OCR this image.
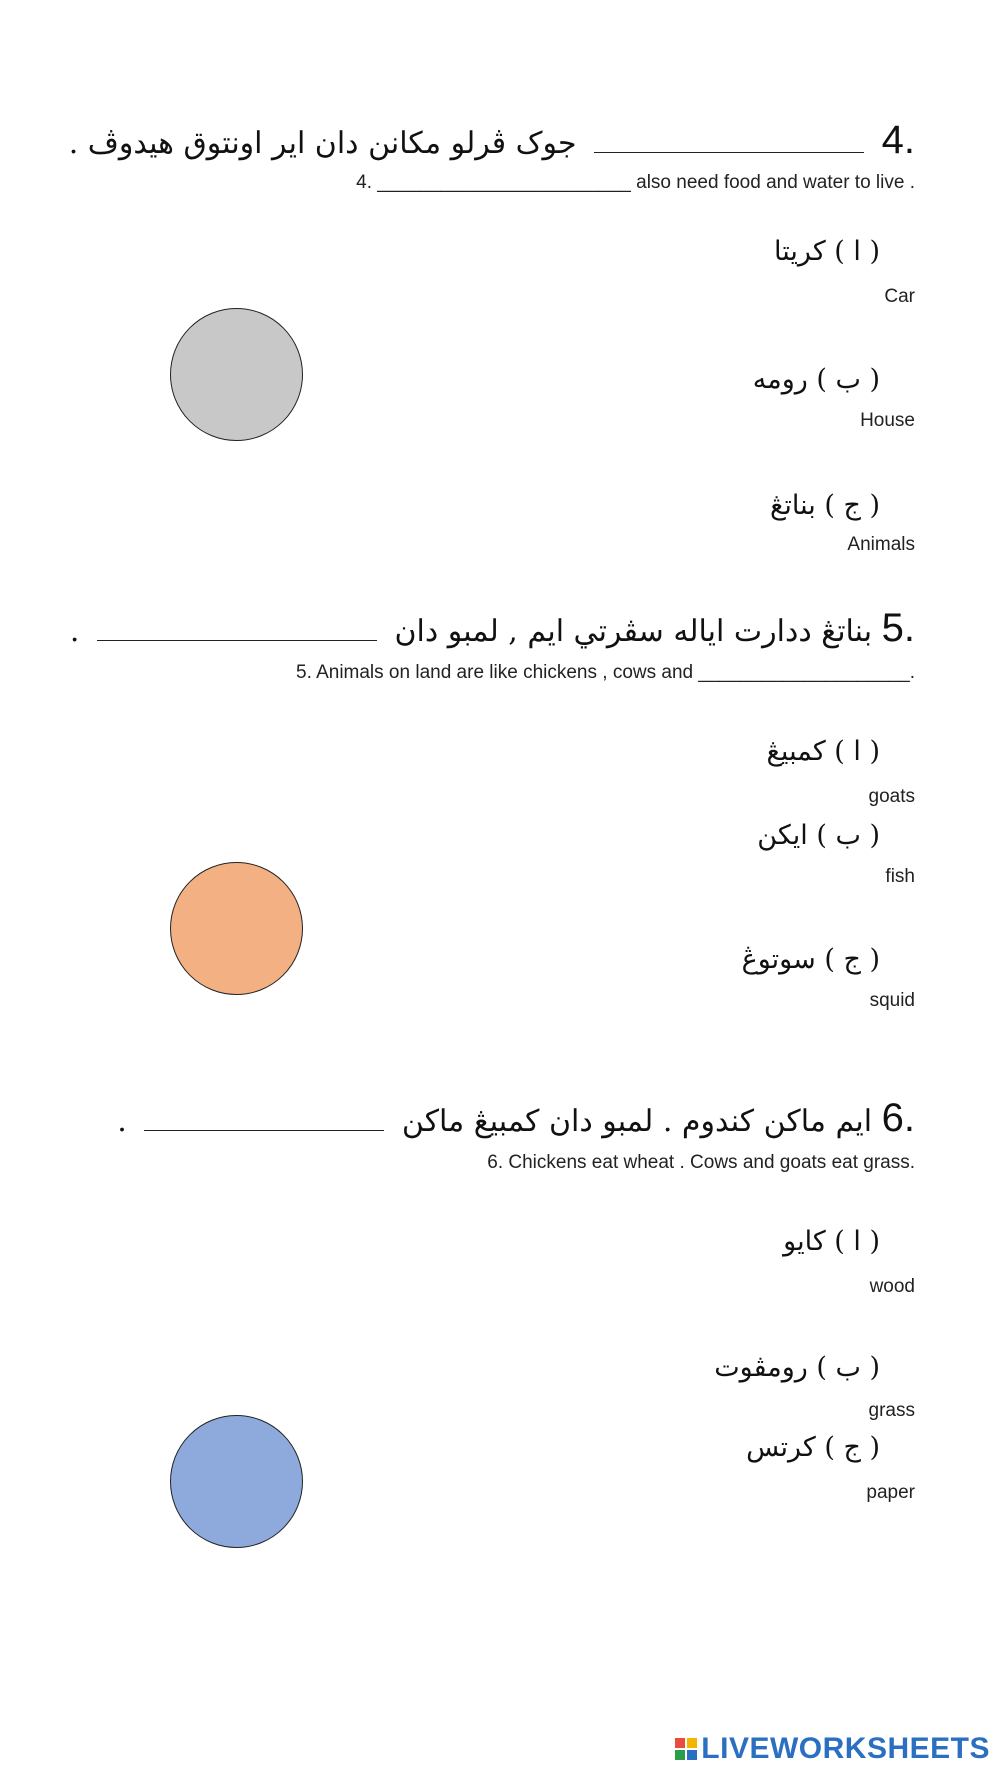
4.  جوک ڤرلو مکانن دان اير اونتوق هيدوڤ .
4. ________________________ also need food and water to live .
( ا ) کريتا
Car
( ب ) رومه
House
( ج ) بناتڠ
Animals
5. بناتڠ ددارت اياله سڤرتي ايم , لمبو دان  .
5. Animals on land are like chickens , cows and ____________________.
( ا ) کمبيڠ
goats
( ب ) ايکن
fish
( ج ) سوتوڠ
squid
6. ايم ماکن کندوم . لمبو دان کمبيڠ ماکن  .
6. Chickens eat wheat . Cows and goats eat grass.
( ا ) کايو
wood
( ب ) رومڤوت
grass
( ج ) کرتس
paper
LIVEWORKSHEETS
